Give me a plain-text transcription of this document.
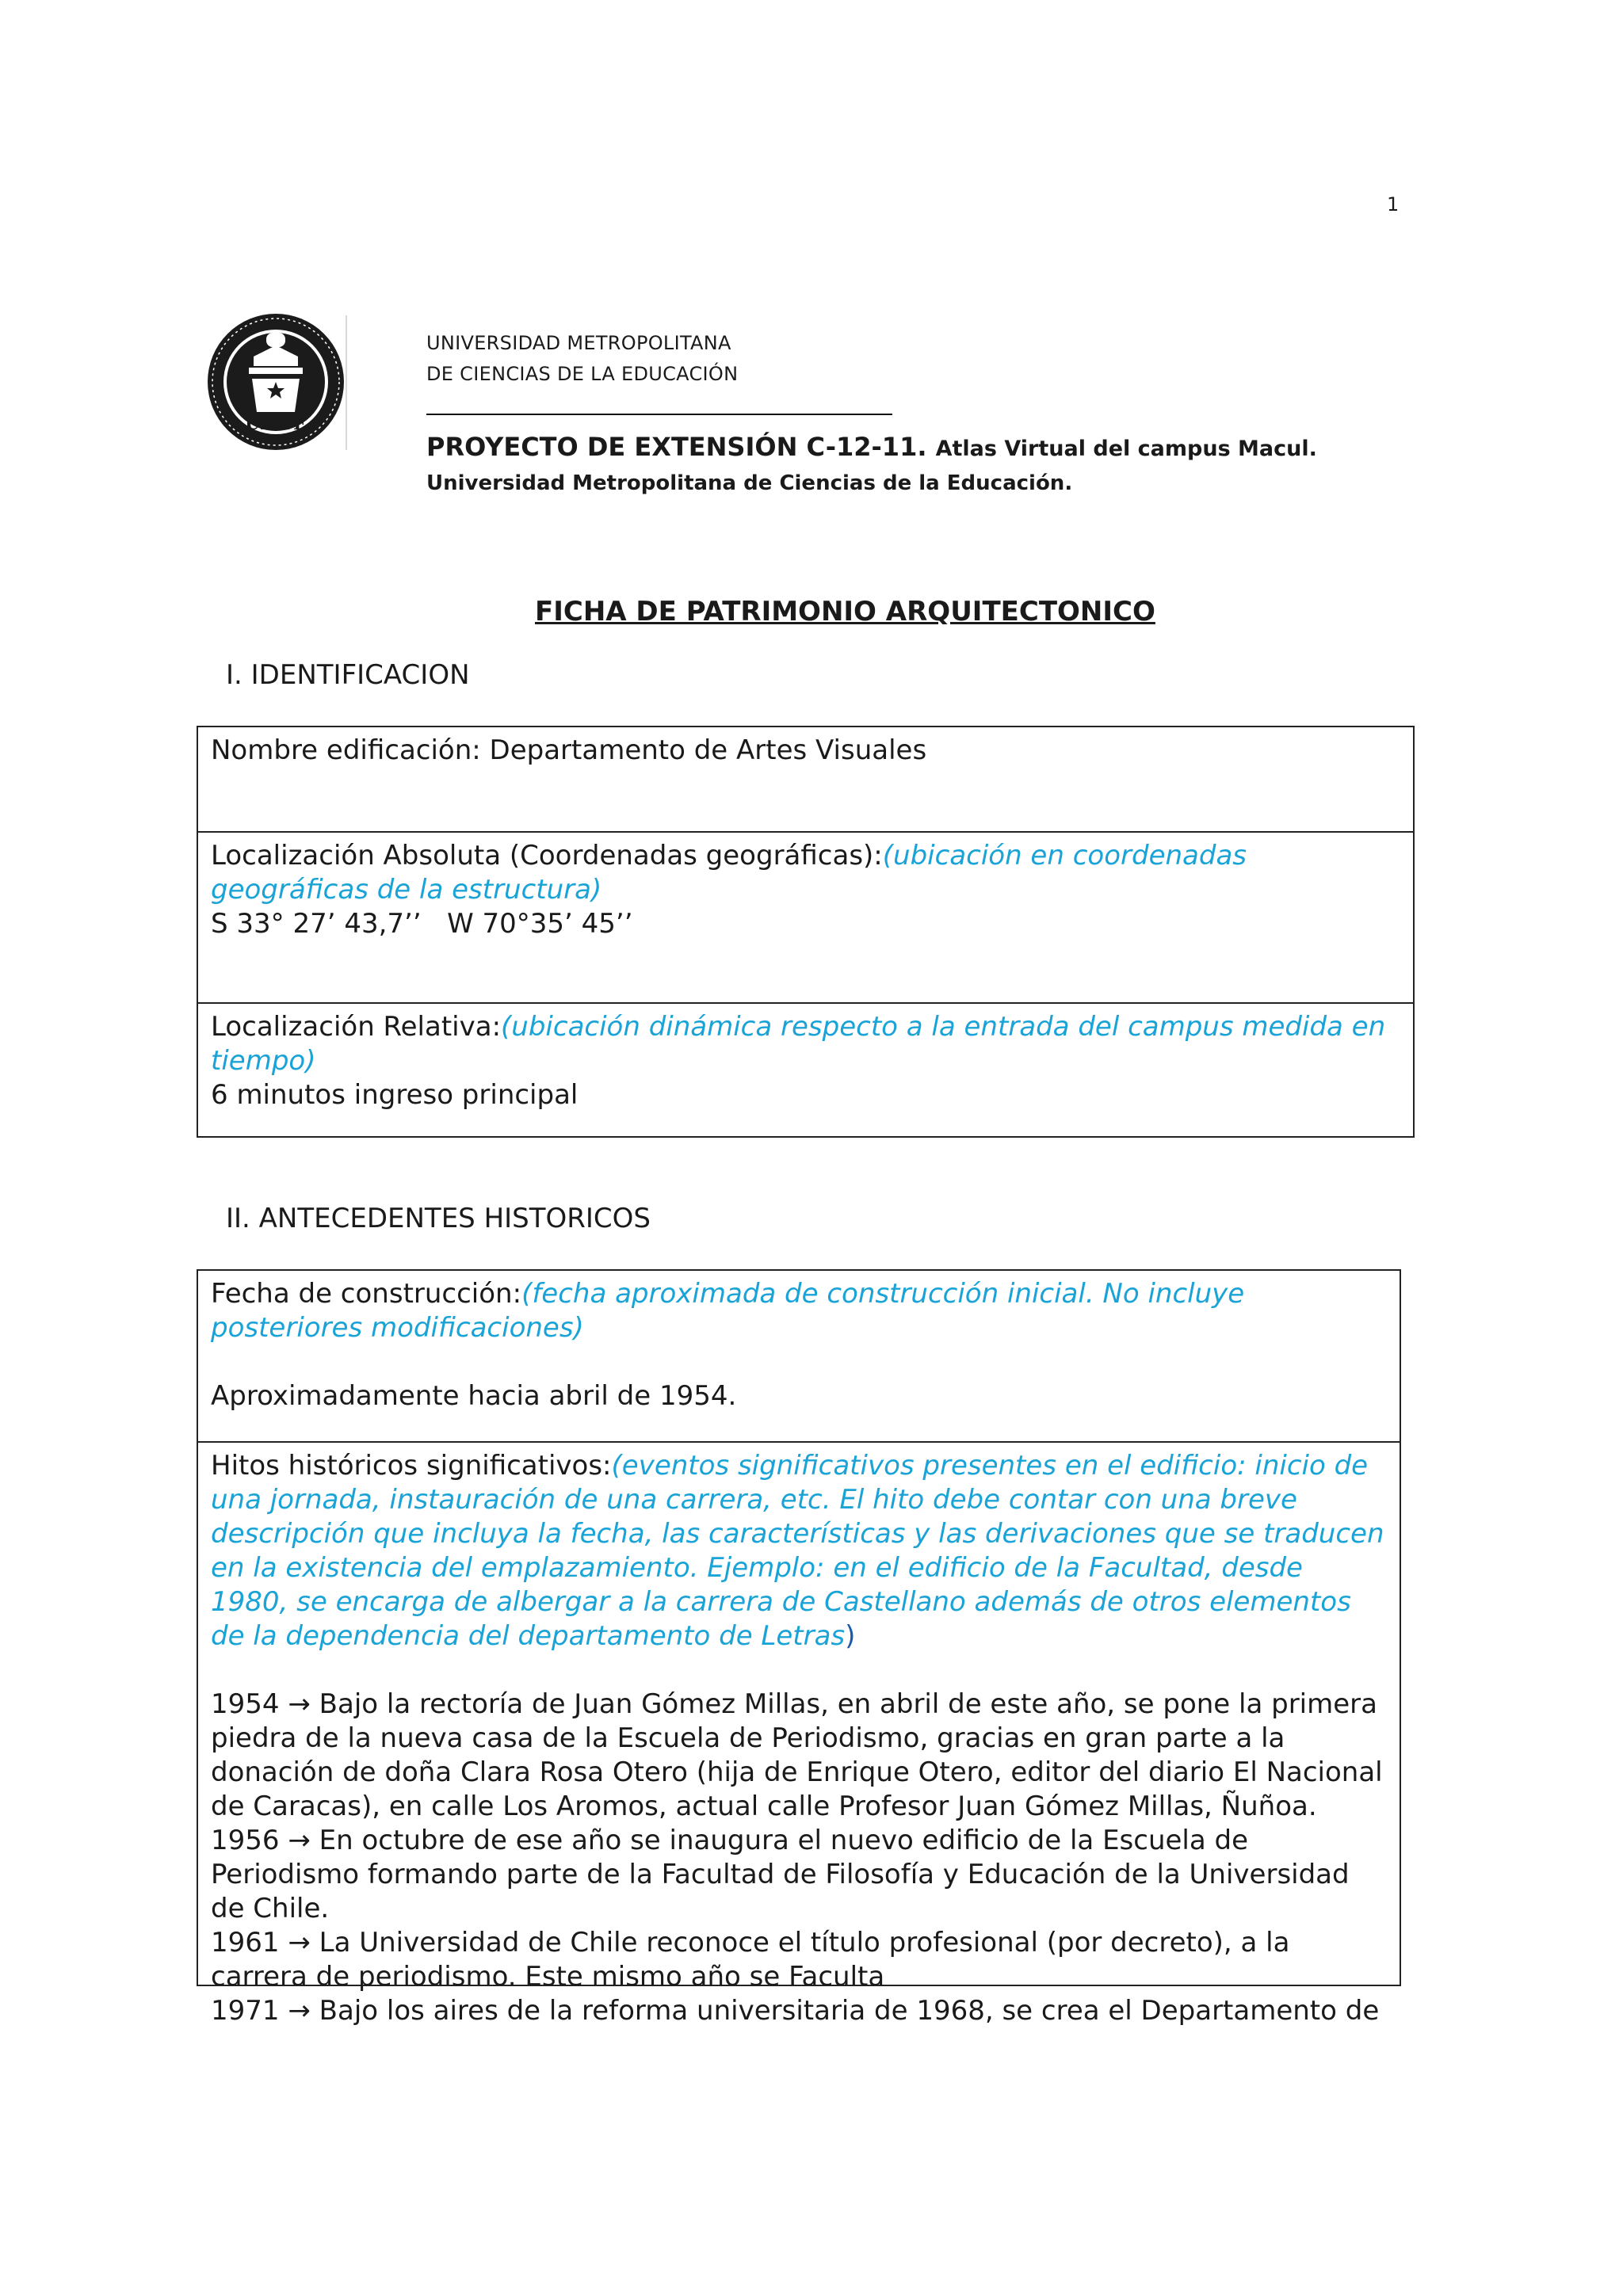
1
UMCE
UNIVERSIDAD METROPOLITANA
DE CIENCIAS DE LA EDUCACIÓN
PROYECTO DE EXTENSIÓN C-12-11. Atlas Virtual del campus Macul.
Universidad Metropolitana de Ciencias de la Educación.
FICHA DE PATRIMONIO ARQUITECTONICO
I. IDENTIFICACION
Nombre edificación: Departamento de Artes Visuales
Localización Absoluta (Coordenadas geográficas):(ubicación en coordenadas geográficas de la estructura)
S 33° 27’ 43,7’’   W 70°35’ 45’’
Localización Relativa:(ubicación dinámica respecto a la entrada del campus medida en tiempo)
6 minutos ingreso principal
II. ANTECEDENTES HISTORICOS
Fecha de construcción:(fecha aproximada de construcción inicial. No incluye posteriores modificaciones)
Aproximadamente hacia abril de 1954.
Hitos históricos significativos:(eventos significativos presentes en el edificio: inicio de una jornada, instauración de una carrera, etc. El hito debe contar con una breve descripción que incluya la fecha, las características y las derivaciones que se traducen en la existencia del emplazamiento. Ejemplo: en el edificio de la Facultad, desde 1980, se encarga de albergar a la carrera de Castellano además de otros elementos de la dependencia del departamento de Letras)
1954 → Bajo la rectoría de Juan Gómez Millas, en abril de este año, se pone la primera piedra de la nueva casa de la Escuela de Periodismo, gracias en gran parte a la donación de doña Clara Rosa Otero (hija de Enrique Otero, editor del diario El Nacional de Caracas), en calle Los Aromos, actual calle Profesor Juan Gómez Millas, Ñuñoa.
1956 → En octubre de ese año se inaugura el nuevo edificio de la Escuela de Periodismo formando parte de la Facultad de Filosofía y Educación de la Universidad de Chile.
1961 → La Universidad de Chile reconoce el título profesional (por decreto), a la carrera de periodismo. Este mismo año se Faculta
1971 → Bajo los aires de la reforma universitaria de 1968, se crea el Departamento de
